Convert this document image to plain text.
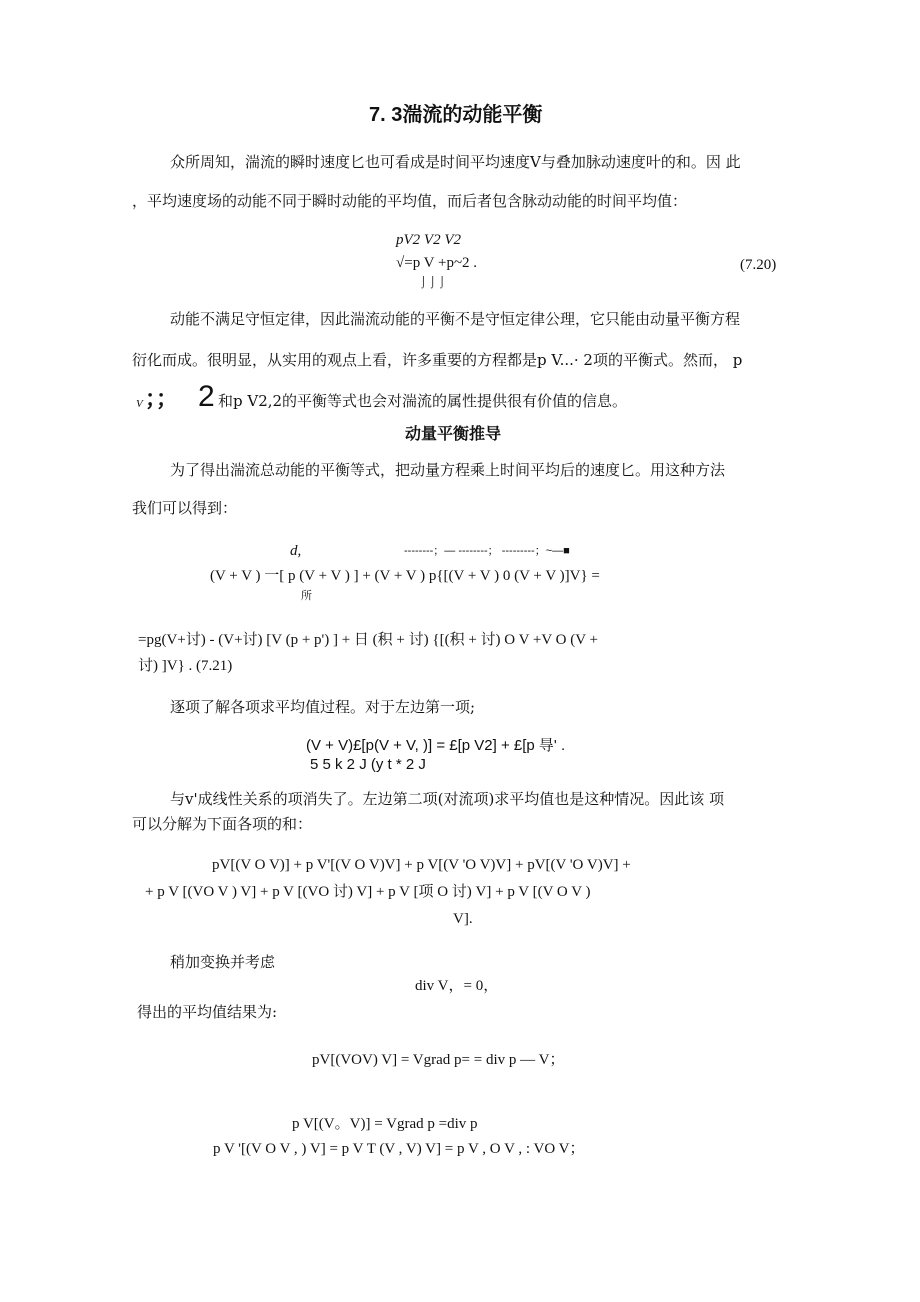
7. 3湍流的动能平衡
众所周知，湍流的瞬时速度匕也可看成是时间平均速度V与叠加脉动速度叶的和。因 此
，平均速度场的动能不同于瞬时动能的平均值，而后者包含脉动动能的时间平均值：
pV2 V2 V2
√=p V +p~2 .
⌡ ⌡ ⌡
(7.20)
动能不满足守恒定律，因此湍流动能的平衡不是守恒定律公理，它只能由动量平衡方程
衍化而成。很明显，从实用的观点上看，许多重要的方程都是p V...· 2项的平衡式。然而， p
V ；； 2 和p V2,2的平衡等式也会对湍流的属性提供很有价值的信息。
动量平衡推导
为了得出湍流总动能的平衡等式，把动量方程乘上时间平均后的速度匕。用这种方法
我们可以得到：
d,	--------；— --------； ---------；~—■
(V + V ) 一[ p (V + V ) ] + (V + V ) p{[(V + V ) 0 (V + V )]V} =
所
=pg(V+讨) - (V+讨) [V (p + p') ] + 日 (积 + 讨) {[(积 + 讨) O V +V O (V +
讨) ]V} . (7.21)
逐项了解各项求平均值过程。对于左边第一项;
(V + V)£[p(V + V, )] = £[p V2] + £[p 㝵' .
5 5 k 2 J (y t * 2 J
与v'成线性关系的项消失了。左边第二项(对流项)求平均值也是这种情况。因此该 项
可以分解为下面各项的和：
pV[(V O V)] + p V'[(V O V)V] + p V[(V 'O V)V] + pV[(V 'O V)V] +
+ p V [(VO V ) V] + p V [(VO 讨) V] + p V [项 O 讨) V] + p V [(V O V )
V].
稍加变换并考虑
div V，= 0，
得出的平均值结果为:
pV[(VOV) V] = Vgrad p= = div p — V；
p V[(V。V)] = Vgrad p =div p
p V '[(V O V , ) V] = p V T (V , V) V] = p V , O V , : VO V；
